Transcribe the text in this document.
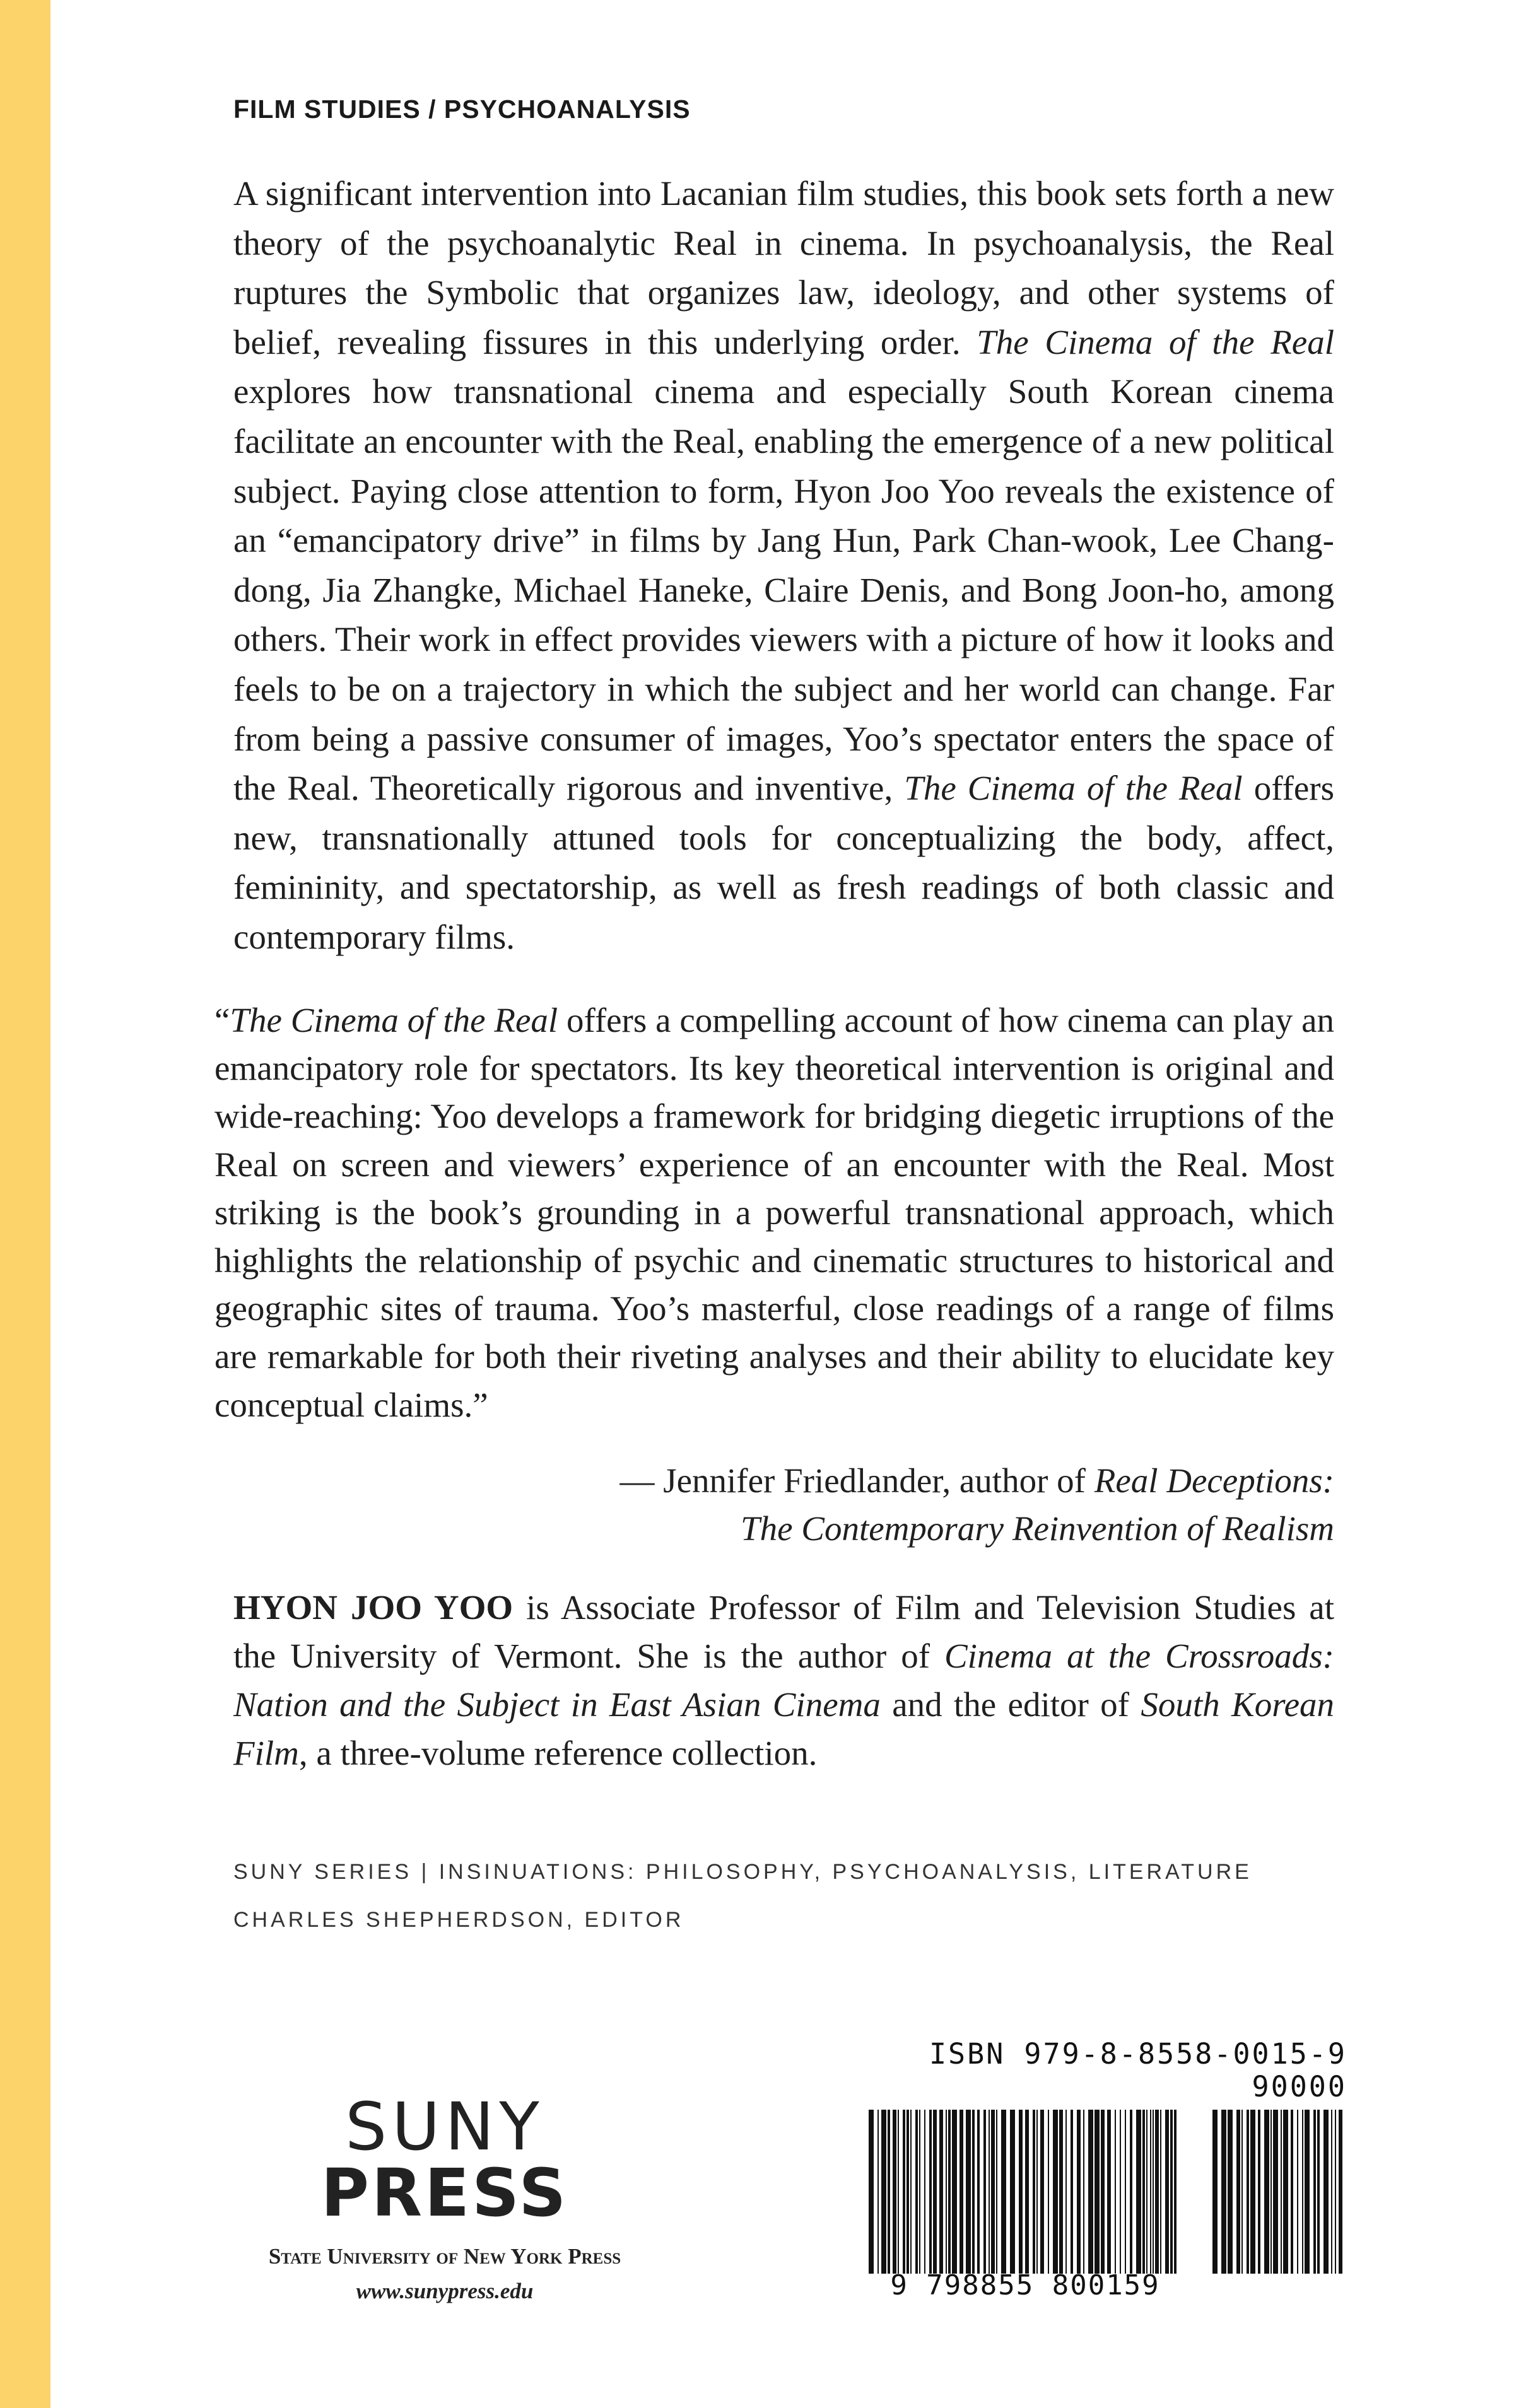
FILM STUDIES / PSYCHOANALYSIS

A significant intervention into Lacanian film studies, this book sets forth a new theory of the psychoanalytic Real in cinema. In psychoanalysis, the Real ruptures the Symbolic that organizes law, ideology, and other systems of belief, revealing fissures in this underlying order. The Cinema of the Real explores how transnational cinema and especially South Korean cinema facilitate an encounter with the Real, enabling the emergence of a new political subject. Paying close attention to form, Hyon Joo Yoo reveals the existence of an “emancipatory drive” in films by Jang Hun, Park Chan-wook, Lee Chang-dong, Jia Zhangke, Michael Haneke, Claire Denis, and Bong Joon-ho, among others. Their work in effect provides viewers with a picture of how it looks and feels to be on a trajectory in which the subject and her world can change. Far from being a passive consumer of images, Yoo’s spectator enters the space of the Real. Theoretically rigorous and inventive, The Cinema of the Real offers new, transnationally attuned tools for conceptualizing the body, affect, femininity, and spectatorship, as well as fresh readings of both classic and contemporary films.

“The Cinema of the Real offers a compelling account of how cinema can play an emancipatory role for spectators. Its key theoretical intervention is original and wide-reaching: Yoo develops a framework for bridging diegetic irruptions of the Real on screen and viewers’ experience of an encounter with the Real. Most striking is the book’s grounding in a powerful transnational approach, which highlights the relationship of psychic and cinematic structures to historical and geographic sites of trauma. Yoo’s masterful, close readings of a range of films are remarkable for both their riveting analyses and their ability to elucidate key conceptual claims.”

— Jennifer Friedlander, author of Real Deceptions:
The Contemporary Reinvention of Realism

HYON JOO YOO is Associate Professor of Film and Television Studies at the University of Vermont. She is the author of Cinema at the Crossroads: Nation and the Subject in East Asian Cinema and the editor of South Korean Film, a three-volume reference collection.

SUNY SERIES | INSINUATIONS: PHILOSOPHY, PSYCHOANALYSIS, LITERATURE
CHARLES SHEPHERDSON, EDITOR
SUNY
PRESS
State University of New York Press
www.sunypress.edu
ISBN 979-8-8558-0015-9
90000
9 798855 800159
